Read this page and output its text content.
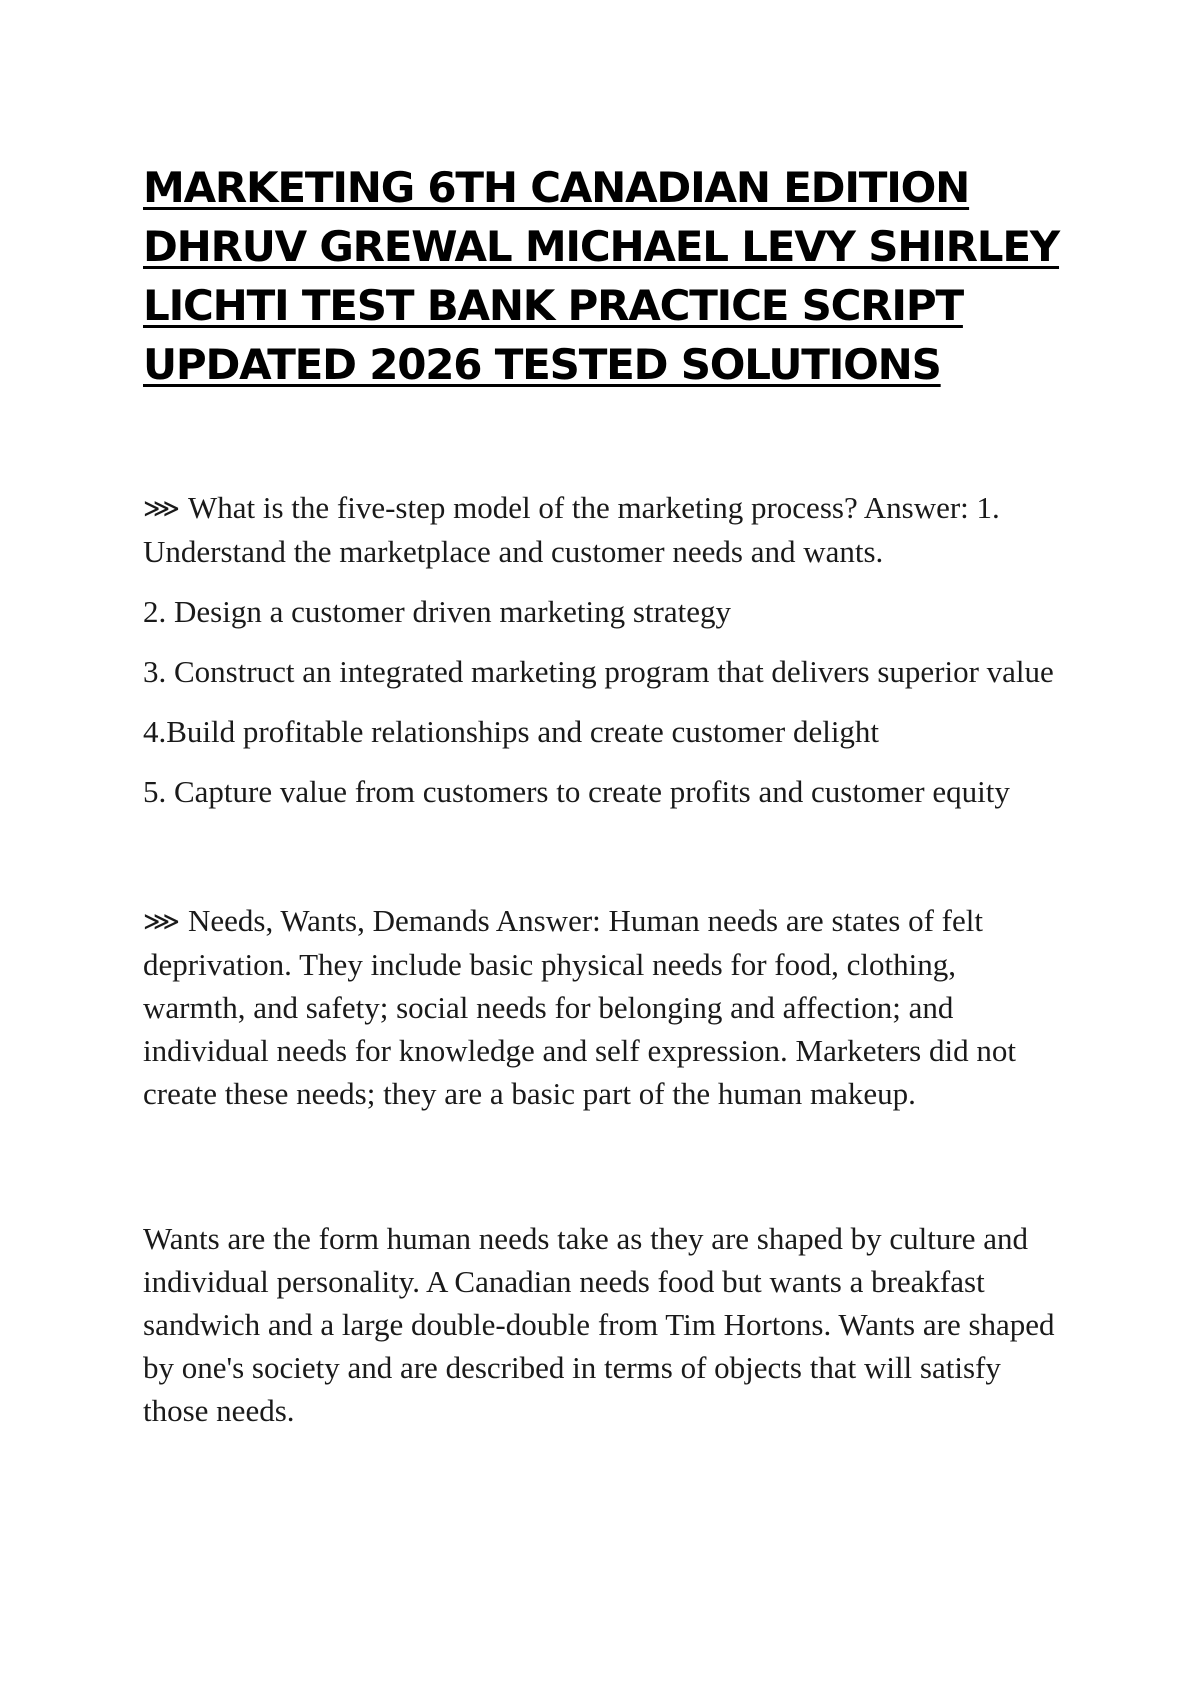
MARKETING 6TH CANADIAN EDITION DHRUV GREWAL MICHAEL LEVY SHIRLEY LICHTI TEST BANK PRACTICE SCRIPT UPDATED 2026 TESTED SOLUTIONS

⋙ What is the five-step model of the marketing process? Answer: 1. Understand the marketplace and customer needs and wants.

2. Design a customer driven marketing strategy

3. Construct an integrated marketing program that delivers superior value

4.Build profitable relationships and create customer delight

5. Capture value from customers to create profits and customer equity

⋙ Needs, Wants, Demands Answer: Human needs are states of felt deprivation. They include basic physical needs for food, clothing, warmth, and safety; social needs for belonging and affection; and individual needs for knowledge and self expression. Marketers did not create these needs; they are a basic part of the human makeup.

Wants are the form human needs take as they are shaped by culture and individual personality. A Canadian needs food but wants a breakfast sandwich and a large double-double from Tim Hortons. Wants are shaped by one's society and are described in terms of objects that will satisfy those needs.
